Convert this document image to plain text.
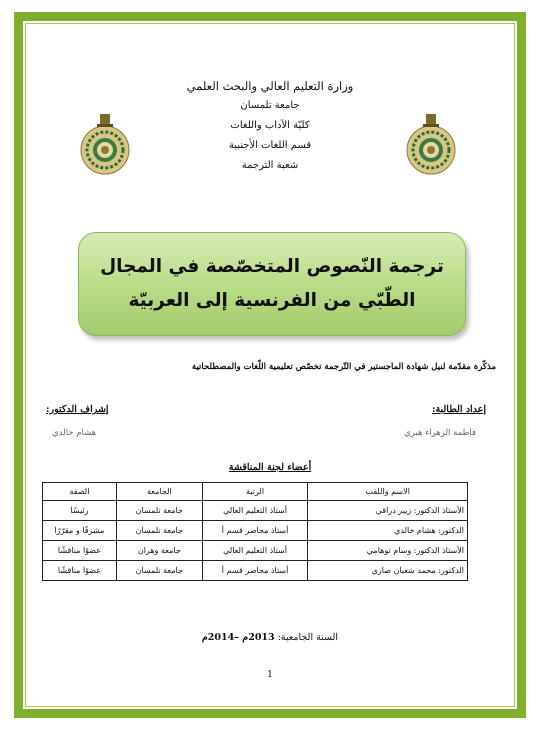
وزارة التعليم العالي والبحث العلمي
جامعة تلمسان
كليّة الآداب واللغات
قسم اللغات الأجنبية
شعبة الترجمة
ترجمة النّصوص المتخصّصة في المجال
الطّبّي من الفرنسية إلى العربيّة
مذكّرة مقدّمة لنيل شهادة الماجستير في التّرجمة تخصّص تعليمية اللّغات والمصطلحاتية
إعداد الطالبة:
فاطمة الزهراء هبري
إشراف الدكتور:
هشام خالدي
أعضاء لجنة المناقشة
الاسم واللقب	الرتبة	الجامعة	الصفة
الأستاذ الدكتور: زبير دراقي	أستاذ التعليم العالي	جامعة تلمسان	رئيسًا
الدكتور: هشام خالدي	أستاذ محاضر قسم أ	جامعة تلمسان	مشرفًا و مقرّرًا
الأستاذ الدكتور: وسام توهامي	أستاذ التعليم العالي	جامعة وهران	عضوًا مناقشًا
الدكتور: محمد شعبان صاري	أستاذ محاضر قسم أ	جامعة تلمسان	عضوًا مناقشًا
السنة الجامعية: 2013م –2014م
1
